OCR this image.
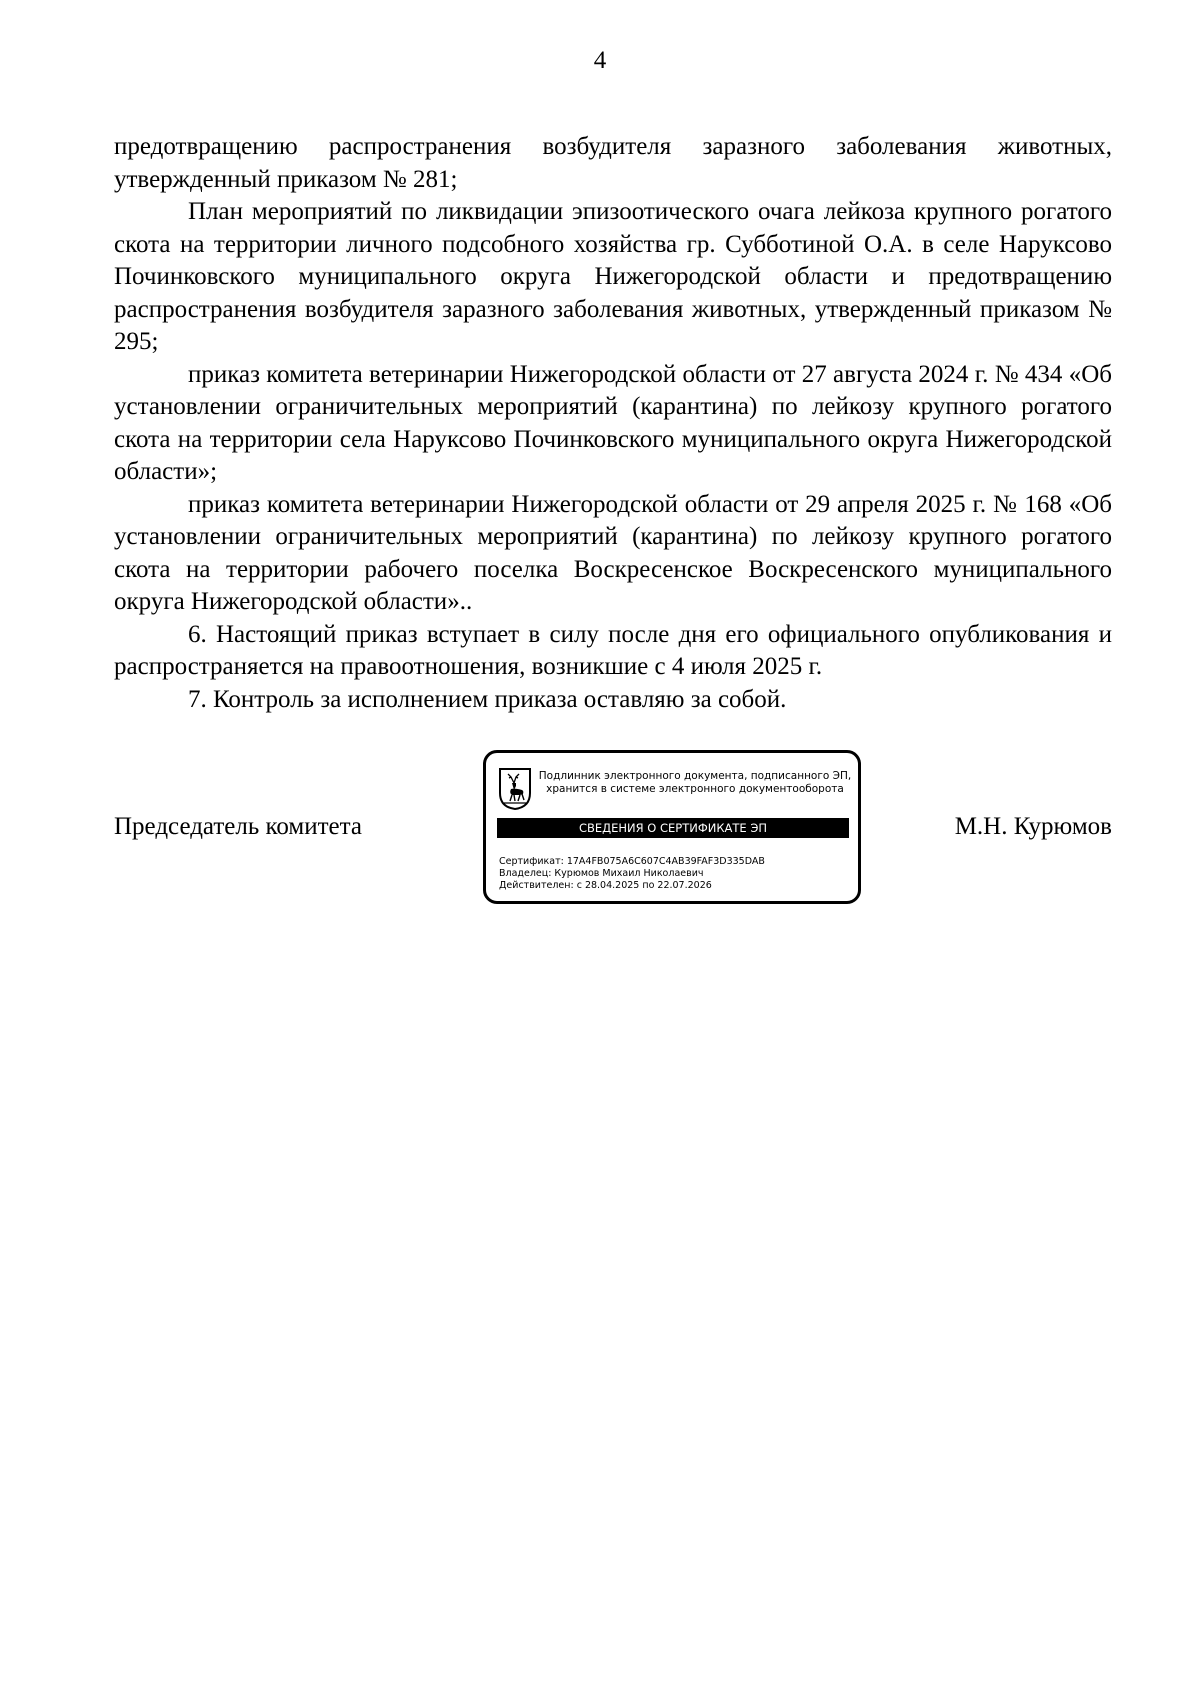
4

предотвращению распространения возбудителя заразного заболевания животных, утвержденный приказом № 281;

План мероприятий по ликвидации эпизоотического очага лейкоза крупного рогатого скота на территории личного подсобного хозяйства гр. Субботиной О.А. в селе Наруксово Починковского муниципального округа Нижегородской области и предотвращению распространения возбудителя заразного заболевания животных, утвержденный приказом № 295;

приказ комитета ветеринарии Нижегородской области от 27 августа 2024 г. № 434 «Об установлении ограничительных мероприятий (карантина) по лейкозу крупного рогатого скота на территории села Наруксово Починковского муниципального округа Нижегородской области»;

приказ комитета ветеринарии Нижегородской области от 29 апреля 2025 г. № 168 «Об установлении ограничительных мероприятий (карантина) по лейкозу крупного рогатого скота на территории рабочего поселка Воскресенское Воскресенского муниципального округа Нижегородской области»..

6. Настоящий приказ вступает в силу после дня его официального опубликования и распространяется на правоотношения, возникшие с 4 июля 2025 г.

7. Контроль за исполнением приказа оставляю за собой.

Председатель комитета	М.Н. Курюмов
Подлинник электронного документа, подписанного ЭП,
хранится в системе электронного документооборота
СВЕДЕНИЯ О СЕРТИФИКАТЕ ЭП
Сертификат: 17A4FB075A6C607C4AB39FAF3D335DAB
Владелец: Курюмов Михаил Николаевич
Действителен: с 28.04.2025 по 22.07.2026
